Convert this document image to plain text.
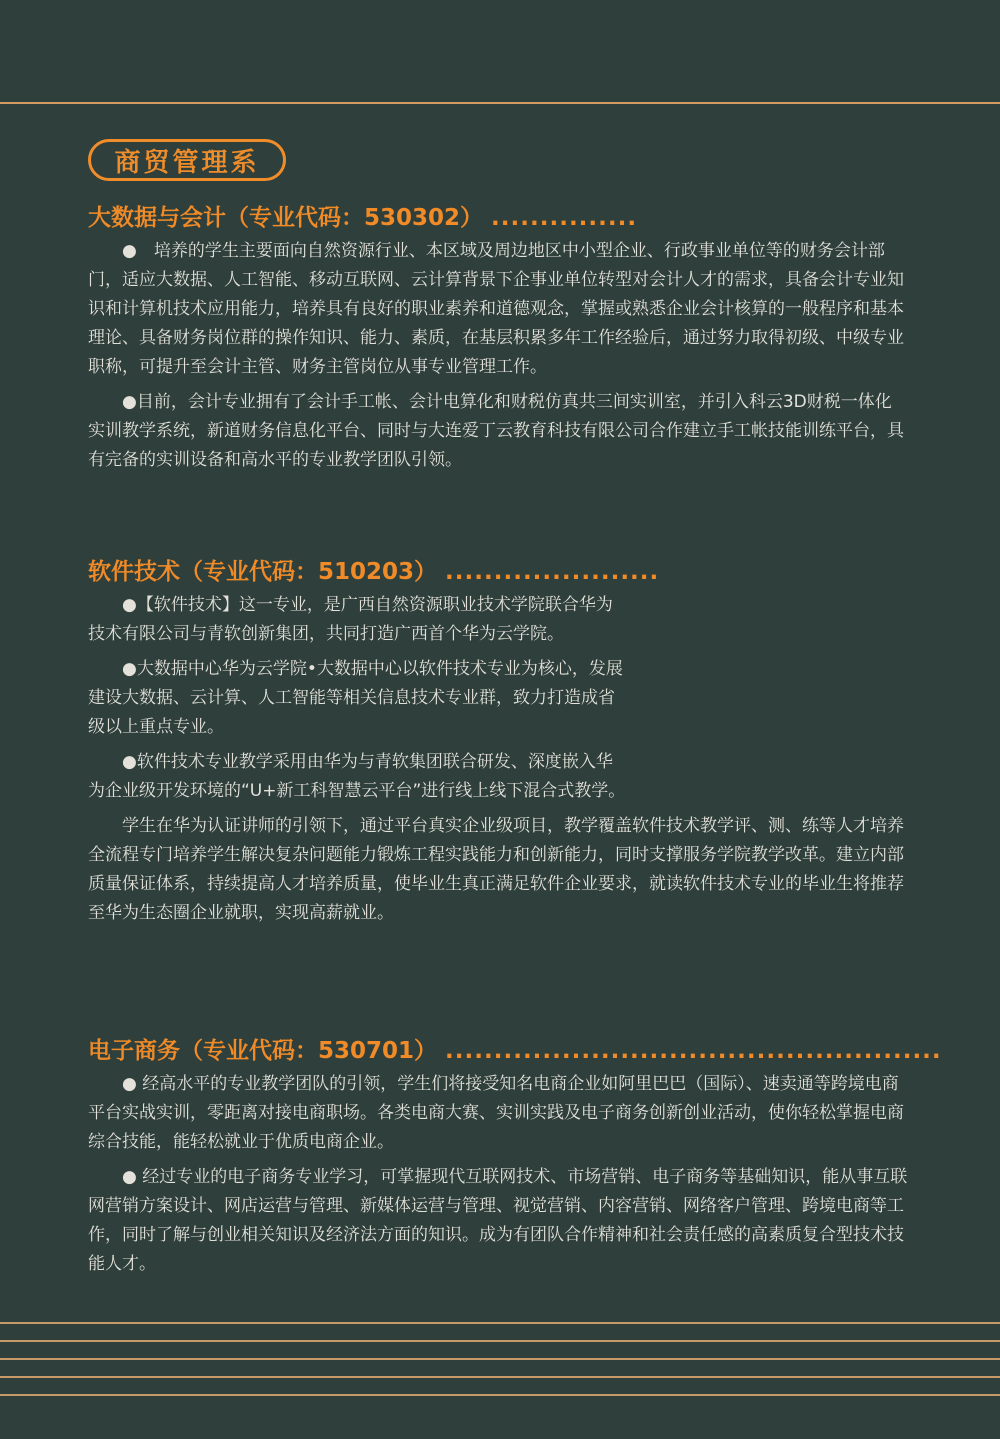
商贸管理系
大数据与会计（专业代码：530302） ...............

●　培养的学生主要面向自然资源行业、本区域及周边地区中小型企业、行政事业单位等的财务会计部门，适应大数据、人工智能、移动互联网、云计算背景下企事业单位转型对会计人才的需求，具备会计专业知识和计算机技术应用能力，培养具有良好的职业素养和道德观念，掌握或熟悉企业会计核算的一般程序和基本理论、具备财务岗位群的操作知识、能力、素质，在基层积累多年工作经验后，通过努力取得初级、中级专业职称，可提升至会计主管、财务主管岗位从事专业管理工作。

●目前，会计专业拥有了会计手工帐、会计电算化和财税仿真共三间实训室，并引入科云3D财税一体化实训教学系统，新道财务信息化平台、同时与大连爱丁云教育科技有限公司合作建立手工帐技能训练平台，具有完备的实训设备和高水平的专业教学团队引领。

软件技术（专业代码：510203） ......................

●【软件技术】这一专业，是广西自然资源职业技术学院联合华为技术有限公司与青软创新集团，共同打造广西首个华为云学院。

●大数据中心华为云学院•大数据中心以软件技术专业为核心，发展建设大数据、云计算、人工智能等相关信息技术专业群，致力打造成省级以上重点专业。

●软件技术专业教学采用由华为与青软集团联合研发、深度嵌入华为企业级开发环境的“U+新工科智慧云平台”进行线上线下混合式教学。

学生在华为认证讲师的引领下，通过平台真实企业级项目，教学覆盖软件技术教学评、测、练等人才培养全流程专门培养学生解决复杂问题能力锻炼工程实践能力和创新能力，同时支撑服务学院教学改革。建立内部质量保证体系，持续提高人才培养质量，使毕业生真正满足软件企业要求，就读软件技术专业的毕业生将推荐至华为生态圈企业就职，实现高薪就业。

电子商务（专业代码：530701） ...................................................

● 经高水平的专业教学团队的引领，学生们将接受知名电商企业如阿里巴巴（国际）、速卖通等跨境电商平台实战实训，零距离对接电商职场。各类电商大赛、实训实践及电子商务创新创业活动，使你轻松掌握电商综合技能，能轻松就业于优质电商企业。

● 经过专业的电子商务专业学习，可掌握现代互联网技术、市场营销、电子商务等基础知识，能从事互联网营销方案设计、网店运营与管理、新媒体运营与管理、视觉营销、内容营销、网络客户管理、跨境电商等工作，同时了解与创业相关知识及经济法方面的知识。成为有团队合作精神和社会责任感的高素质复合型技术技能人才。
